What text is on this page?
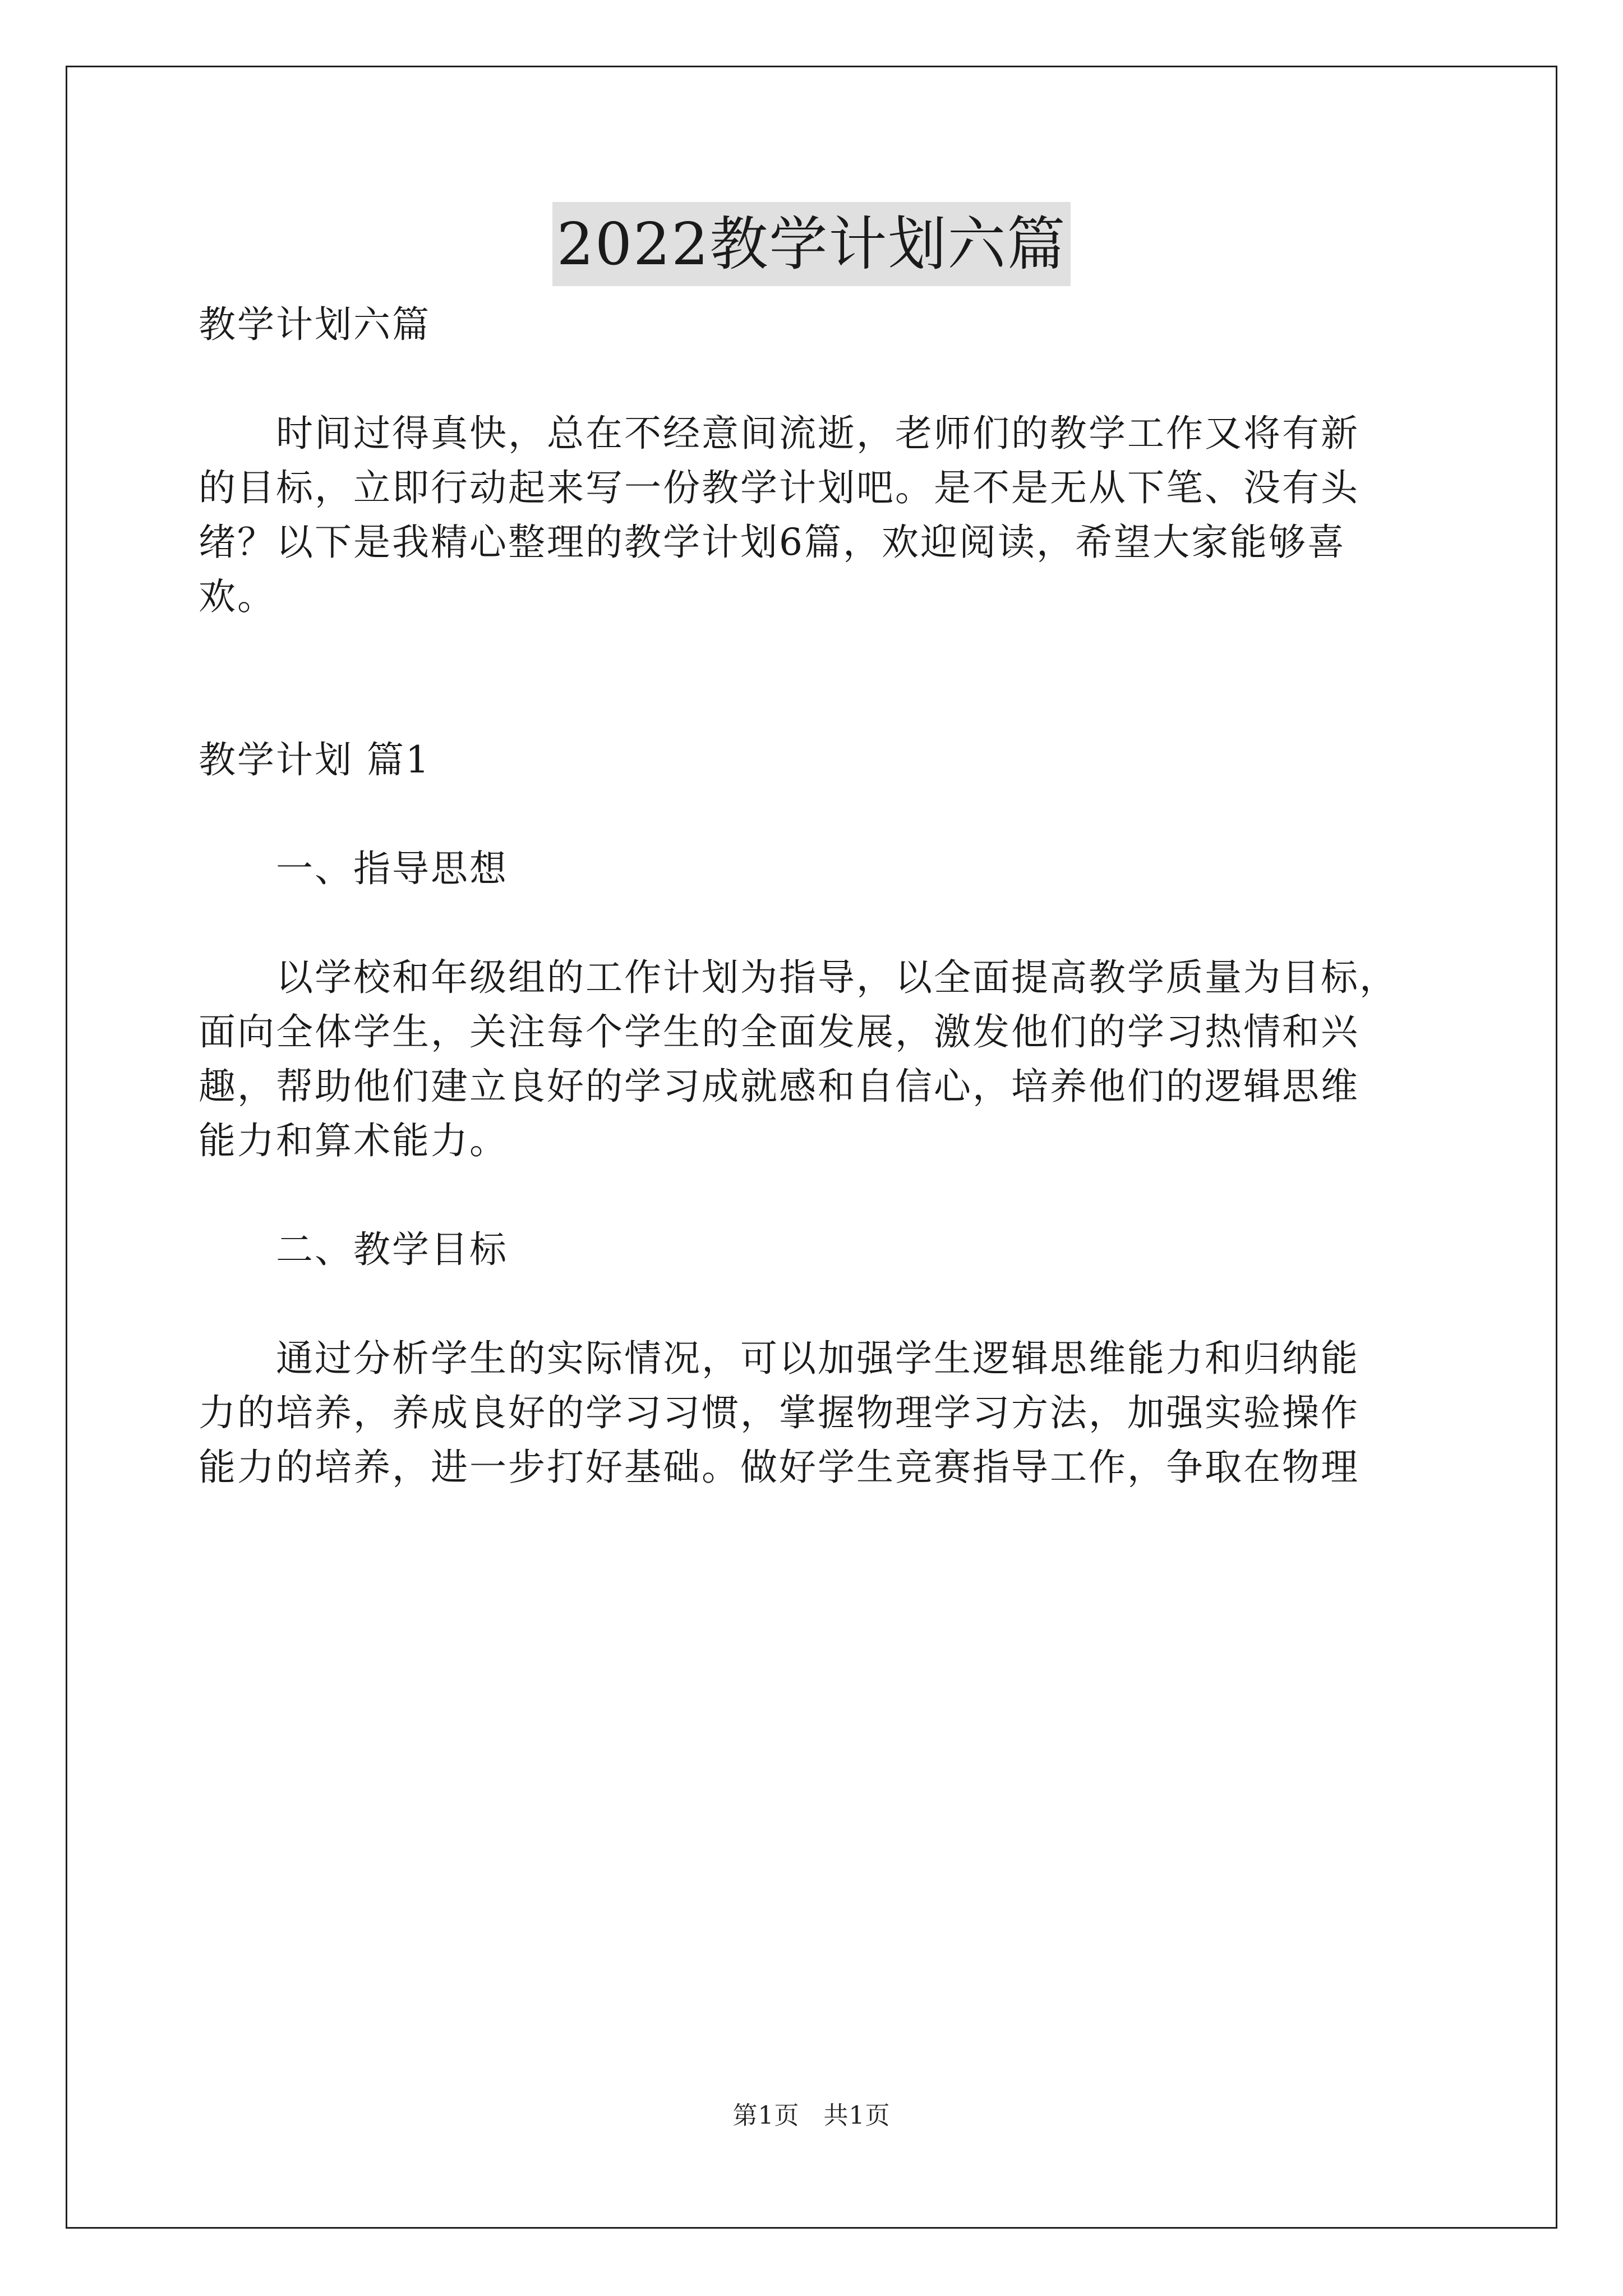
2022教学计划六篇

教学计划六篇

　　时间过得真快，总在不经意间流逝，老师们的教学工作又将有新

的目标，立即行动起来写一份教学计划吧。是不是无从下笔、没有头

绪？以下是我精心整理的教学计划6篇，欢迎阅读，希望大家能够喜

欢。

教学计划 篇1

　　一、指导思想

　　以学校和年级组的工作计划为指导，以全面提高教学质量为目标，

面向全体学生，关注每个学生的全面发展，激发他们的学习热情和兴

趣，帮助他们建立良好的学习成就感和自信心，培养他们的逻辑思维

能力和算术能力。

　　二、教学目标

　　通过分析学生的实际情况，可以加强学生逻辑思维能力和归纳能

力的培养，养成良好的学习习惯，掌握物理学习方法，加强实验操作

能力的培养，进一步打好基础。做好学生竞赛指导工作，争取在物理

第1页 共1页
